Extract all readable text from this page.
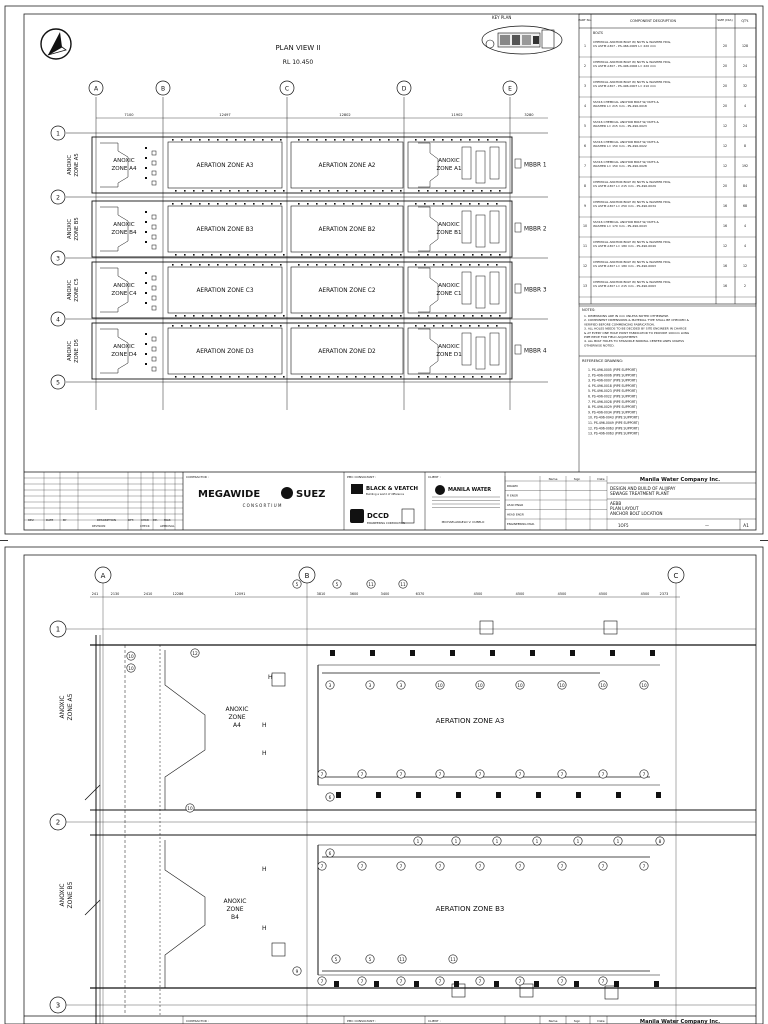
PLAN VIEW II
RL 10.450
KEY PLAN
A	B	C	D	E
1
2
3
4
5
7100	12497	12802	11902	3280
ANOXIC ZONE A5	ANOXIC
ZONE A4	AERATION ZONE A3	AERATION ZONE A2
ANOXIC
ZONE A1
MBBR 1
ANOXIC ZONE B5	ANOXIC
ZONE B4	AERATION ZONE B3	AERATION ZONE B2
ANOXIC
ZONE B1
MBBR 2
ANOXIC ZONE C5	ANOXIC
ZONE C4	AERATION ZONE C3	AERATION ZONE C2
ANOXIC
ZONE C1
MBBR 3
ANOXIC ZONE D5	ANOXIC
ZONE D4	AERATION ZONE D3	AERATION ZONE D2
ANOXIC
ZONE D1
MBBR 4
PART No.	COMPONENT DESCRIPTION	SIZE (DIA)	QTY.
BOLTS
1
CHEMICAL ANCHOR BOLT W/ NUTS & WASHER HDG,
CS ASTM A307 - PS-466-0005 L= 220 mm	20	128
2
CHEMICAL ANCHOR BOLT W/ NUTS & WASHER HDG,
CS ASTM A307 - PS-496-0006 L= 220 mm	20	24
3
CHEMICAL ANCHOR BOLT W/ NUTS & WASHER HDG,
CS ASTM A307 - PS-496-0007 L= 210 mm	20	32
4
SS316 CHEMICAL ANCHOR BOLT W/ NUTS &
WASHER L= 215 mm - PS-496-0018	20	4
5
SS316 CHEMICAL ANCHOR BOLT W/ NUTS &
WASHER L= 215 mm - PS-496-0023	12	24
6
SS316 CHEMICAL ANCHOR BOLT W/ NUTS &
WASHER L= 150 mm - PS-496-0022	12	8
7
SS316 CHEMICAL ANCHOR BOLT W/ NUTS &
WASHER L= 150 mm - PS-496-0028	12	192
8
CHEMICAL ANCHOR BOLT W/ NUTS & WASHER HDG,
CS ASTM A307 L= 215 mm - PS-496-0029	20	84
9
CHEMICAL ANCHOR BOLT W/ NUTS & WASHER HDG,
CS ASTM A307 L= 250 mm - PS-496-0034	16	68
10
SS316 CHEMICAL ANCHOR BOLT W/ NUTS &
WASHER L= 170 mm - PS-496-0043	16	4
11
CHEMICAL ANCHOR BOLT W/ NUTS & WASHER HDG,
CS ASTM A307 L= 180 mm - PS-496-0049	12	4
12
CHEMICAL ANCHOR BOLT W/ NUTS & WASHER HDG,
CS ASTM A307 L= 180 mm - PS-496-0063	16	12
13
CHEMICAL ANCHOR BOLT W/ NUTS & WASHER HDG,
CS ASTM A307 L= 215 mm - PS-496-0063	16	2
NOTES:
1. DIMENSIONS ARE IN mm UNLESS NOTED OTHERWISE.
2. COMPONENT DIMENSIONS & MATERIAL TYPE SHALL BE CHECKED &
VERIFIED BEFORE COMMENCING FABRICATION.
3. ALL HOLES NEEDS TO BE DECIDED BY SITE ENGINEER IN CHARGE
& AT EVERY ONE HOLE POINT FABRICATOR TO PROVIDE 100mm LONG
PIPE PIECE FOR FIELD ADJUSTMENT.
4. ALL BOLT HOLES TO STRADDLE NORMAL CENTER LINES UNLESS
OTHERWISE NOTED.
REFERENCE DRAWING:
1. PS-496-0005 (PIPE SUPPORT)
2. PS-496-0006 (PIPE SUPPORT)
3. PS-496-0007 (PIPE SUPPORT)
4. PS-496-0018 (PIPE SUPPORT)
5. PS-496-0023 (PIPE SUPPORT)
6. PS-496-0022 (PIPE SUPPORT)
7. PS-496-0028 (PIPE SUPPORT)
8. PS-496-0029 (PIPE SUPPORT)
9. PS-496-0034 (PIPE SUPPORT)
10. PS-496-0043 (PIPE SUPPORT)
11. PS-496-0049 (PIPE SUPPORT)
12. PS-496-0063 (PIPE SUPPORT)
13. PS-496-0063 (PIPE SUPPORT)
REV.	DATE	BY	DESCRIPTION	DFT.	CHKR P.E. MGR
REVISION	CHECK	APPROVAL
CONTRACTOR :
MEGAWIDE	SUEZ
C O N S O R T I U M
PMC CONSULTANT :
BLACK & VEATCH
Building a world of difference
DCCD
ENGINEERING CORPORATION
CLIENT :
MANILA WATER
MICHAELANGELO V. CUBELO
Name	Sign	Date
DRAWN
P. ENGR
LEAD ENGR
HEAD ENGR
ENGINEERING MGR.
Manila Water Company Inc.
DESIGN AND BUILD OF ALIJIPAY
SEWAGE TREATMENT PLANT
AEBB
PLAN LAYOUT
ANCHOR BOLT LOCATION
1OF5	—	A1
A	B	C
1
2
3
241	2130	2410	12286	12091	3810	3600	3400	6370	4500	4500	4500	4500	4500	2373
H
H
H
H
H
ANOXIC ZONE A5
ANOXIC ZONE B5
ANOXIC
ZONE
A4
ANOXIC
ZONE
B4
AERATION ZONE A3
AERATION ZONE B3
3	3	3	10	10	10	10	10	10
7	7	7	7	7	7	7	7	7
1	1	1	1	1	1	8
7	7	7	7	7	7	7	7	7
5	5	11	11
10
10
12
10
6
6
5	5	11	11
9
7	7	7	7	7	7	7	7
CONTRACTOR :	PMC CONSULTANT :	CLIENT :	Name	Sign	Date	Manila Water Company Inc.
